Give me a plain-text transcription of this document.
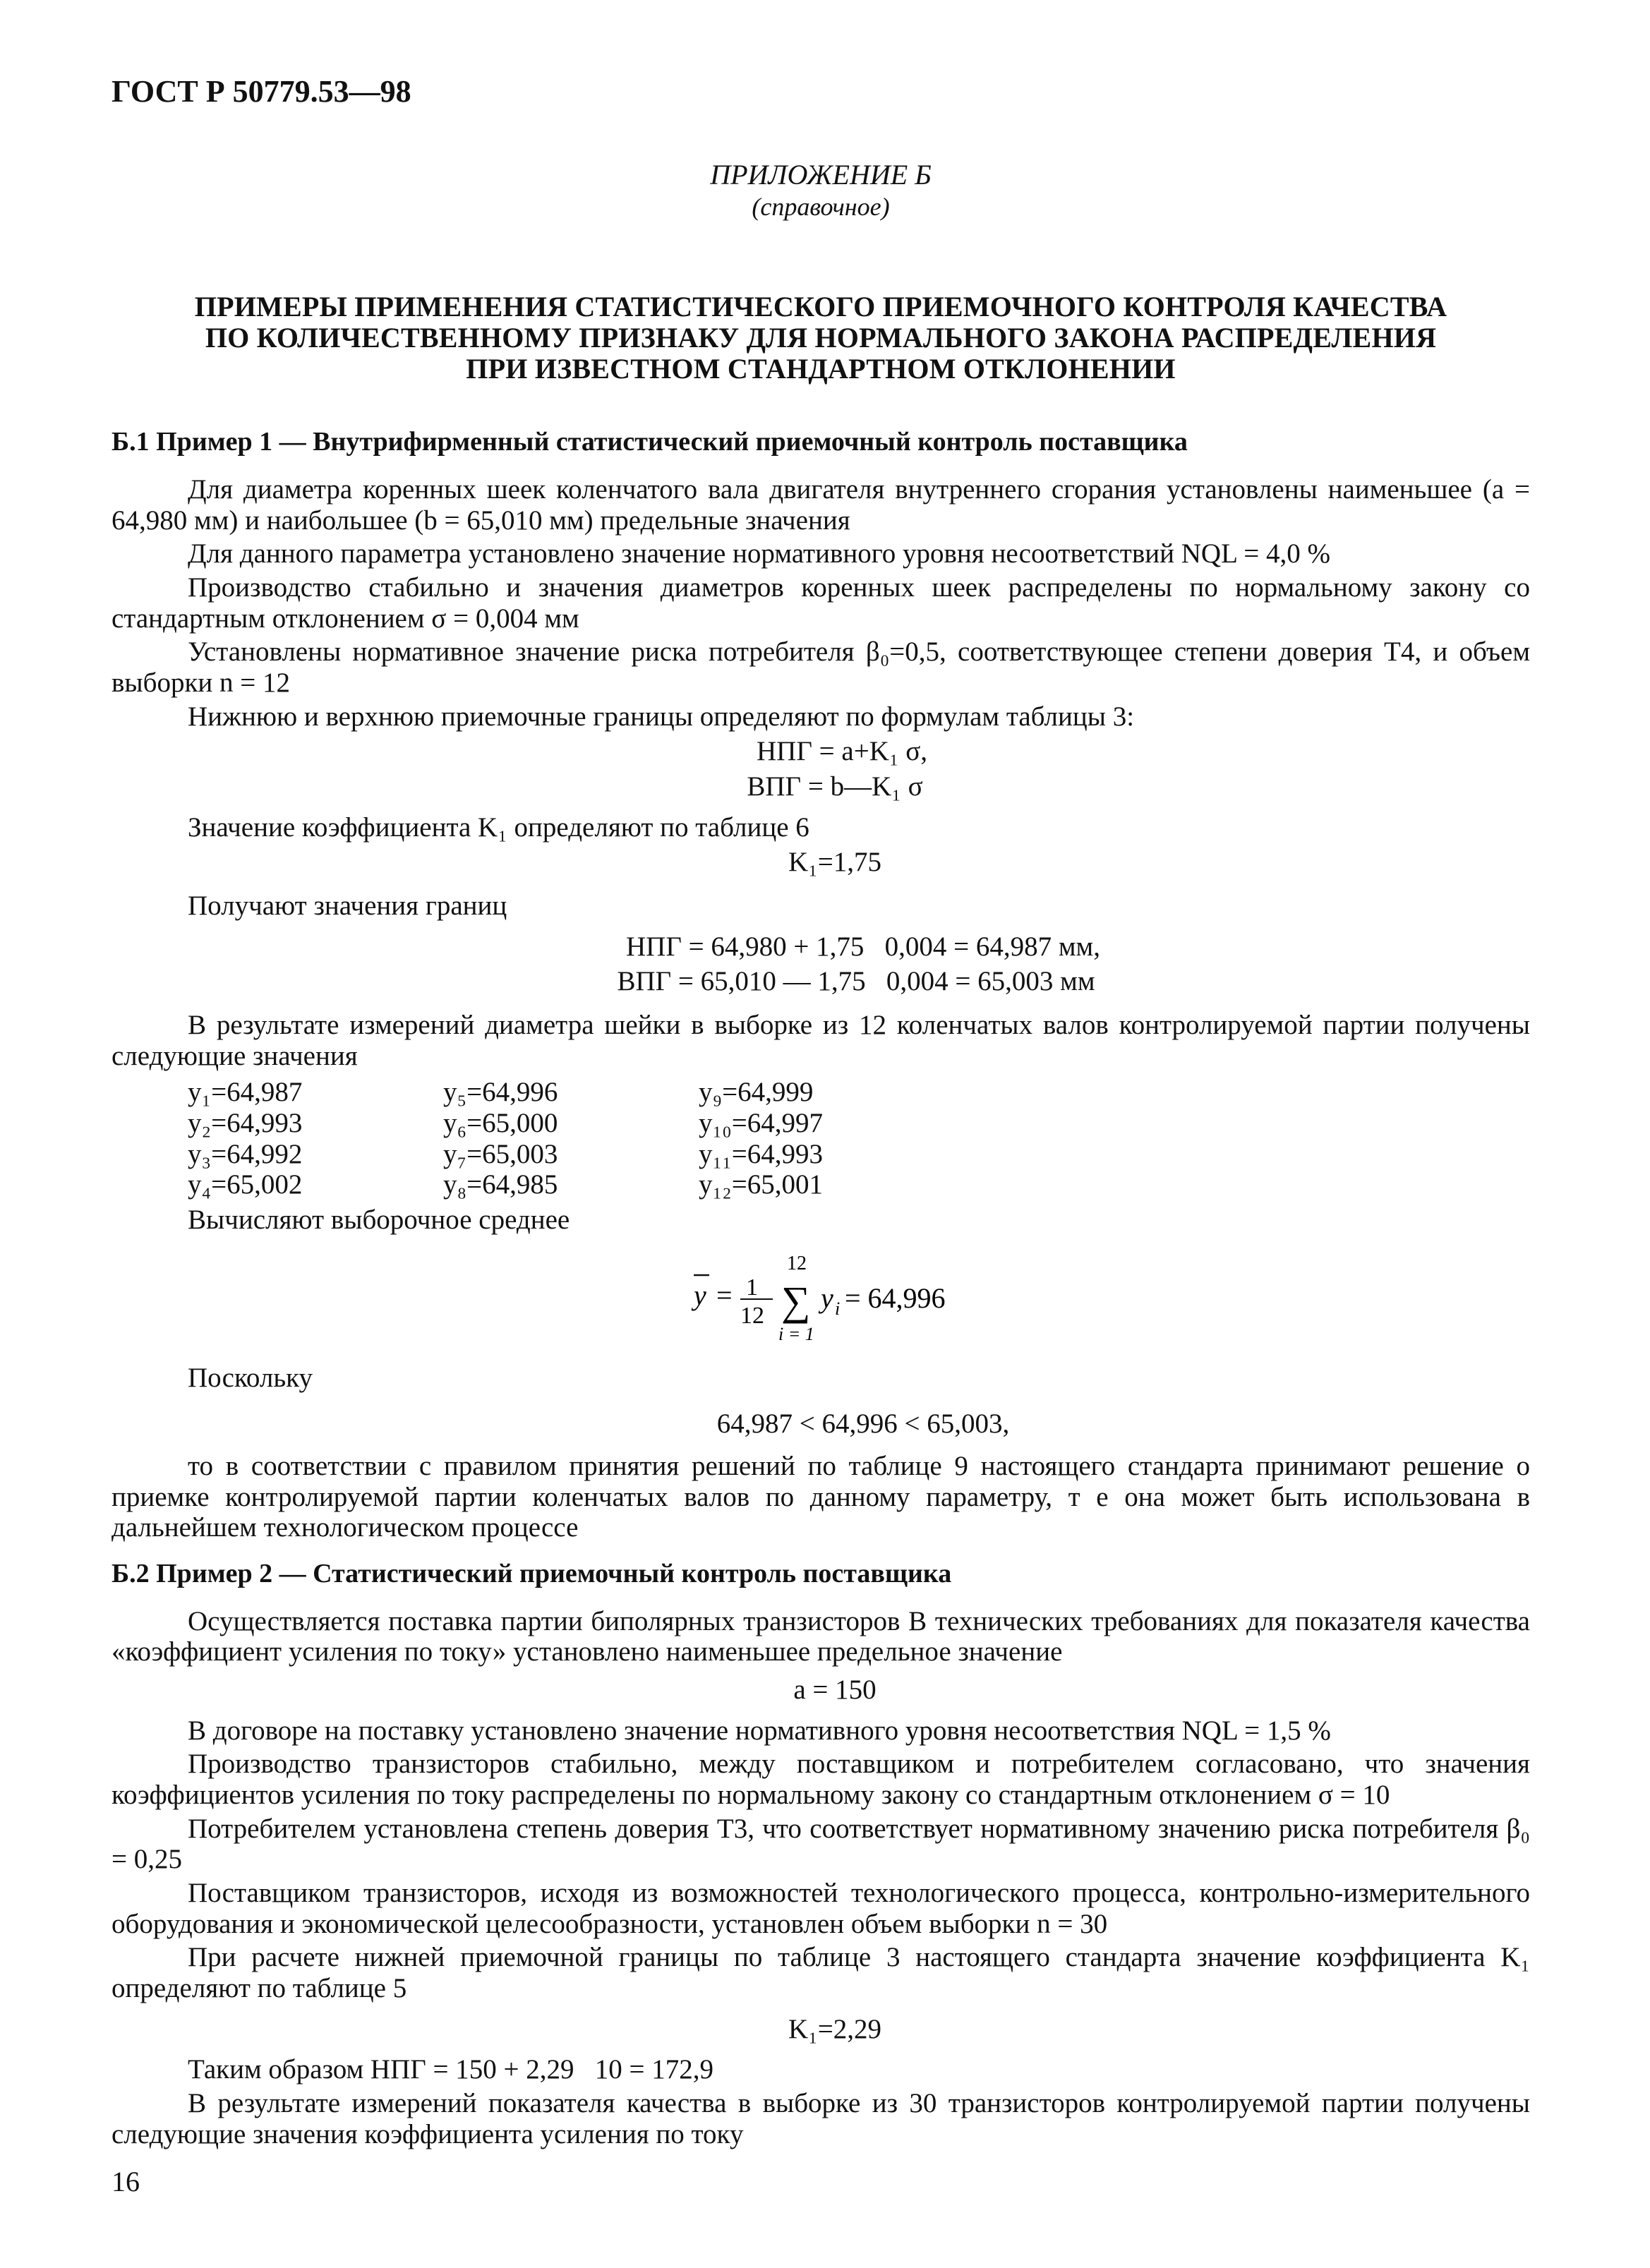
ГОСТ Р 50779.53—98
ПРИЛОЖЕНИЕ Б
(справочное)
ПРИМЕРЫ ПРИМЕНЕНИЯ СТАТИСТИЧЕСКОГО ПРИЕМОЧНОГО КОНТРОЛЯ КАЧЕСТВА
ПО КОЛИЧЕСТВЕННОМУ ПРИЗНАКУ ДЛЯ НОРМАЛЬНОГО ЗАКОНА РАСПРЕДЕЛЕНИЯ
ПРИ ИЗВЕСТНОМ СТАНДАРТНОМ ОТКЛОНЕНИИ
Б.1 Пример 1 — Внутрифирменный статистический приемочный контроль поставщика

Для диаметра коренных шеек коленчатого вала двигателя внутреннего сгорания установлены наименьшее (a = 64,980 мм) и наибольшее (b = 65,010 мм) предельные значения

Для данного параметра установлено значение нормативного уровня несоответствий NQL = 4,0 %

Производство стабильно и значения диаметров коренных шеек распределены по нормальному закону со стандартным отклонением σ = 0,004 мм

Установлены нормативное значение риска потребителя β₀=0,5, соответствующее степени доверия Т4, и объем выборки n = 12

Нижнюю и верхнюю приемочные границы определяют по формулам таблицы 3:

НПГ = a+K₁ σ,
ВПГ = b—K₁ σ

Значение коэффициента K₁ определяют по таблице 6

K₁=1,75

Получают значения границ

НПГ = 64,980 + 1,75   0,004 = 64,987 мм,
ВПГ = 65,010 — 1,75   0,004 = 65,003 мм

В результате измерений диаметра шейки в выборке из 12 коленчатых валов контролируемой партии получены следующие значения

y₁=64,987	y₅=64,996	y₉=64,999
y₂=64,993	y₆=65,000	y₁₀=64,997
y₃=64,992	y₇=65,003	y₁₁=64,993
y₄=65,002	y₈=64,985	y₁₂=65,001

Вычисляют выборочное среднее

y = 1
12
12
∑
i = 1
y i = 64,996

Поскольку

64,987 < 64,996 < 65,003,

то в соответствии с правилом принятия решений по таблице 9 настоящего стандарта принимают решение о приемке контролируемой партии коленчатых валов по данному параметру, т е она может быть использована в дальнейшем технологическом процессе

Б.2 Пример 2 — Статистический приемочный контроль поставщика

Осуществляется поставка партии биполярных транзисторов В технических требованиях для показателя качества «коэффициент усиления по току» установлено наименьшее предельное значение

a = 150

В договоре на поставку установлено значение нормативного уровня несоответствия NQL = 1,5 %

Производство транзисторов стабильно, между поставщиком и потребителем согласовано, что значения коэффициентов усиления по току распределены по нормальному закону со стандартным отклонением σ = 10

Потребителем установлена степень доверия Т3, что соответствует нормативному значению риска потребителя β₀ = 0,25

Поставщиком транзисторов, исходя из возможностей технологического процесса, контрольно-измерительного оборудования и экономической целесообразности, установлен объем выборки n = 30

При расчете нижней приемочной границы по таблице 3 настоящего стандарта значение коэффициента K₁ определяют по таблице 5

K₁=2,29

Таким образом НПГ = 150 + 2,29   10 = 172,9

В результате измерений показателя качества в выборке из 30 транзисторов контролируемой партии получены следующие значения коэффициента усиления по току

16
